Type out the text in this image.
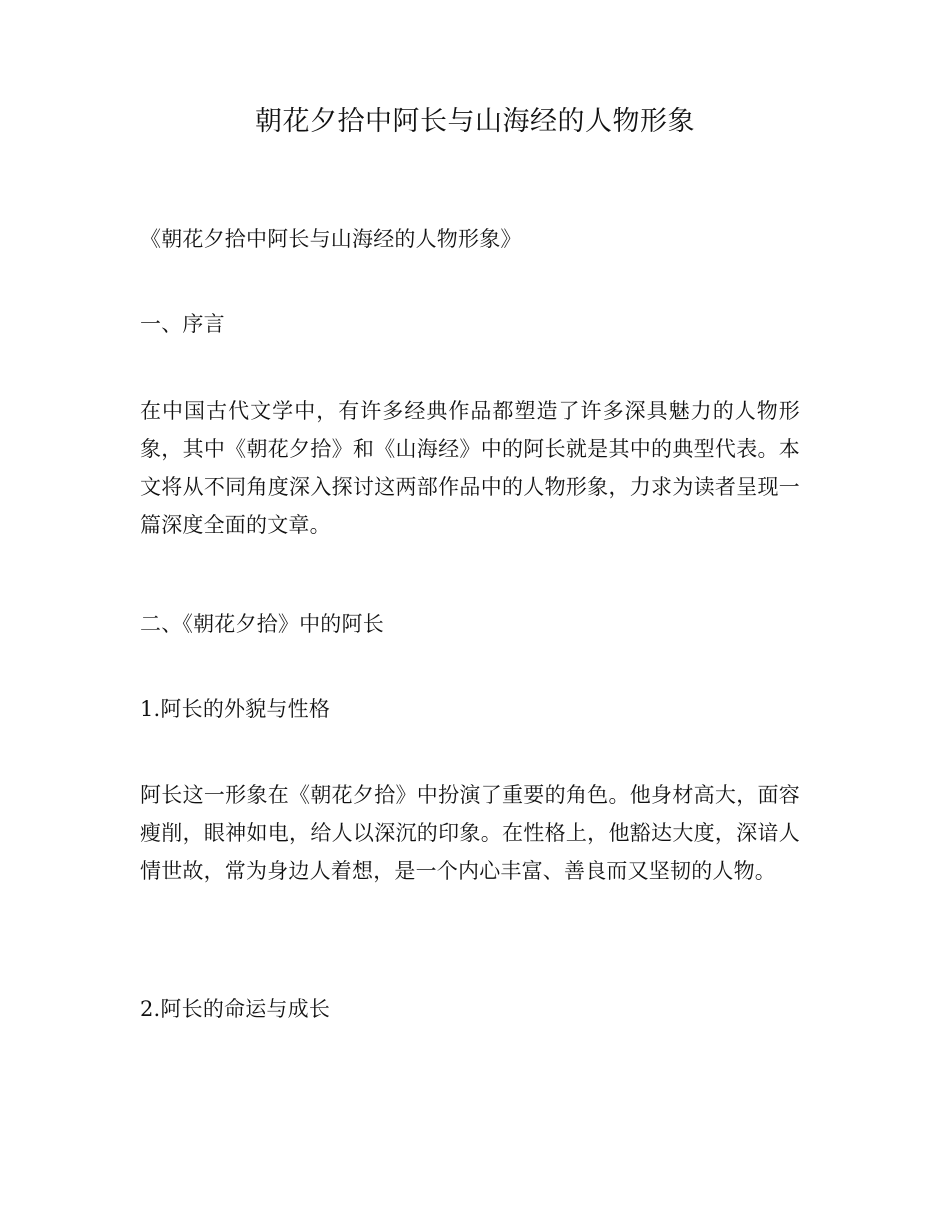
朝花夕拾中阿长与山海经的人物形象

《朝花夕拾中阿长与山海经的人物形象》

一、序言

在中国古代文学中，有许多经典作品都塑造了许多深具魅力的人物形象，其中《朝花夕拾》和《山海经》中的阿长就是其中的典型代表。本文将从不同角度深入探讨这两部作品中的人物形象，力求为读者呈现一篇深度全面的文章。

二、《朝花夕拾》中的阿长

1.阿长的外貌与性格

阿长这一形象在《朝花夕拾》中扮演了重要的角色。他身材高大，面容瘦削，眼神如电，给人以深沉的印象。在性格上，他豁达大度，深谙人情世故，常为身边人着想，是一个内心丰富、善良而又坚韧的人物。

2.阿长的命运与成长
